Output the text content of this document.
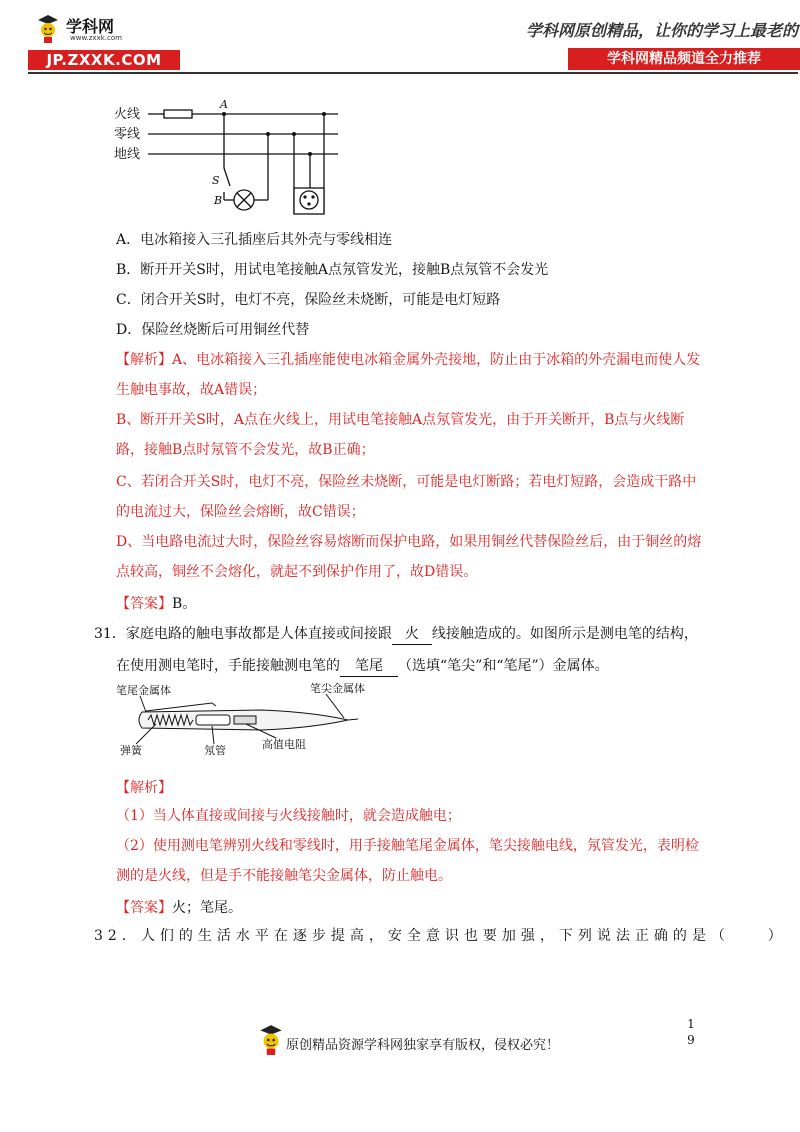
学科网
www.zxxk.com
JP.ZXXK.COM
学科网原创精品，让你的学习上最老的
学科网精品频道全力推荐
火线
零线
地线
A
S
B
A．电冰箱接入三孔插座后其外壳与零线相连
B．断开开关S时，用试电笔接触A点氖管发光，接触B点氖管不会发光
C．闭合开关S时，电灯不亮，保险丝未烧断，可能是电灯短路
D．保险丝烧断后可用铜丝代替
【解析】A、电冰箱接入三孔插座能使电冰箱金属外壳接地，防止由于冰箱的外壳漏电而使人发
生触电事故，故A错误；
B、断开开关S时，A点在火线上，用试电笔接触A点氖管发光，由于开关断开，B点与火线断
路，接触B点时氖管不会发光，故B正确；
C、若闭合开关S时，电灯不亮，保险丝未烧断，可能是电灯断路；若电灯短路，会造成干路中
的电流过大，保险丝会熔断，故C错误；
D、当电路电流过大时，保险丝容易熔断而保护电路，如果用铜丝代替保险丝后，由于铜丝的熔
点较高，铜丝不会熔化，就起不到保护作用了，故D错误。
【答案】B。
31．家庭电路的触电事故都是人体直接或间接跟 火 线接触造成的。如图所示是测电笔的结构，
在使用测电笔时，手能接触测电笔的 笔尾 （选填“笔尖”和“笔尾”）金属体。
笔尾金属体	笔尖金属体
弹簧	氖管	高值电阻
【解析】
（1）当人体直接或间接与火线接触时，就会造成触电；
（2）使用测电笔辨别火线和零线时，用手接触笔尾金属体，笔尖接触电线，氖管发光，表明检
测的是火线，但是手不能接触笔尖金属体，防止触电。
【答案】火；笔尾。
32．人们的生活水平在逐步提高，安全意识也要加强，下列说法正确的是（　　）
原创精品资源学科网独家享有版权，侵权必究！
1
9
